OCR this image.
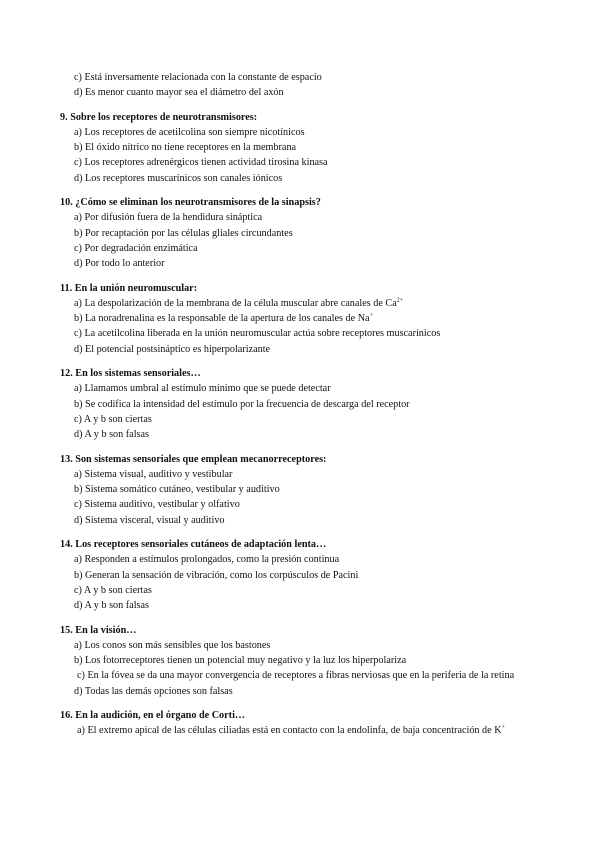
c) Está inversamente relacionada con la constante de espacio
d) Es menor cuanto mayor sea el diámetro del axón
9. Sobre los receptores de neurotransmisores:
a) Los receptores de acetilcolina son siempre nicotínicos
b) El óxido nítrico no tiene receptores en la membrana
c) Los receptores adrenérgicos tienen actividad tirosina kinasa
d) Los receptores muscarínicos son canales iónicos
10. ¿Cómo se eliminan los neurotransmisores de la sinapsis?
a) Por difusión fuera de la hendidura sináptica
b) Por recaptación por las células gliales circundantes
c) Por degradación enzimática
d) Por todo lo anterior
11. En la unión neuromuscular:
a) La despolarización de la membrana de la célula muscular abre canales de $Ca^{2+}$
b) La noradrenalina es la responsable de la apertura de los canales de Na+
c) La acetilcolina liberada en la unión neuromuscular actúa sobre receptores muscarínicos
d) El potencial postsináptico es hiperpolarizante
12. En los sistemas sensoriales…
a) Llamamos umbral al estímulo mínimo que se puede detectar
b) Se codifica la intensidad del estímulo por la frecuencia de descarga del receptor
c) A y b son ciertas
d) A y b son falsas
13. Son sistemas sensoriales que emplean mecanorreceptores:
a) Sistema visual, auditivo y vestibular
b) Sistema somático cutáneo, vestibular y auditivo
c) Sistema auditivo, vestibular y olfativo
d) Sistema visceral, visual y auditivo
14. Los receptores sensoriales cutáneos de adaptación lenta…
a) Responden a estímulos prolongados, como la presión continua
b) Generan la sensación de vibración, como los corpúsculos de Pacini
c) A y b son ciertas
d) A y b son falsas
15. En la visión…
a) Los conos son más sensibles que los bastones
b) Los fotorreceptores tienen un potencial muy negativo y la luz los hiperpolariza
c) En la fóvea se da una mayor convergencia de receptores a fibras nerviosas que en la periferia de la retina
d) Todas las demás opciones son falsas
16. En la audición, en el órgano de Corti…
a) El extremo apical de las células ciliadas está en contacto con la endolinfa, de baja concentración de K+
